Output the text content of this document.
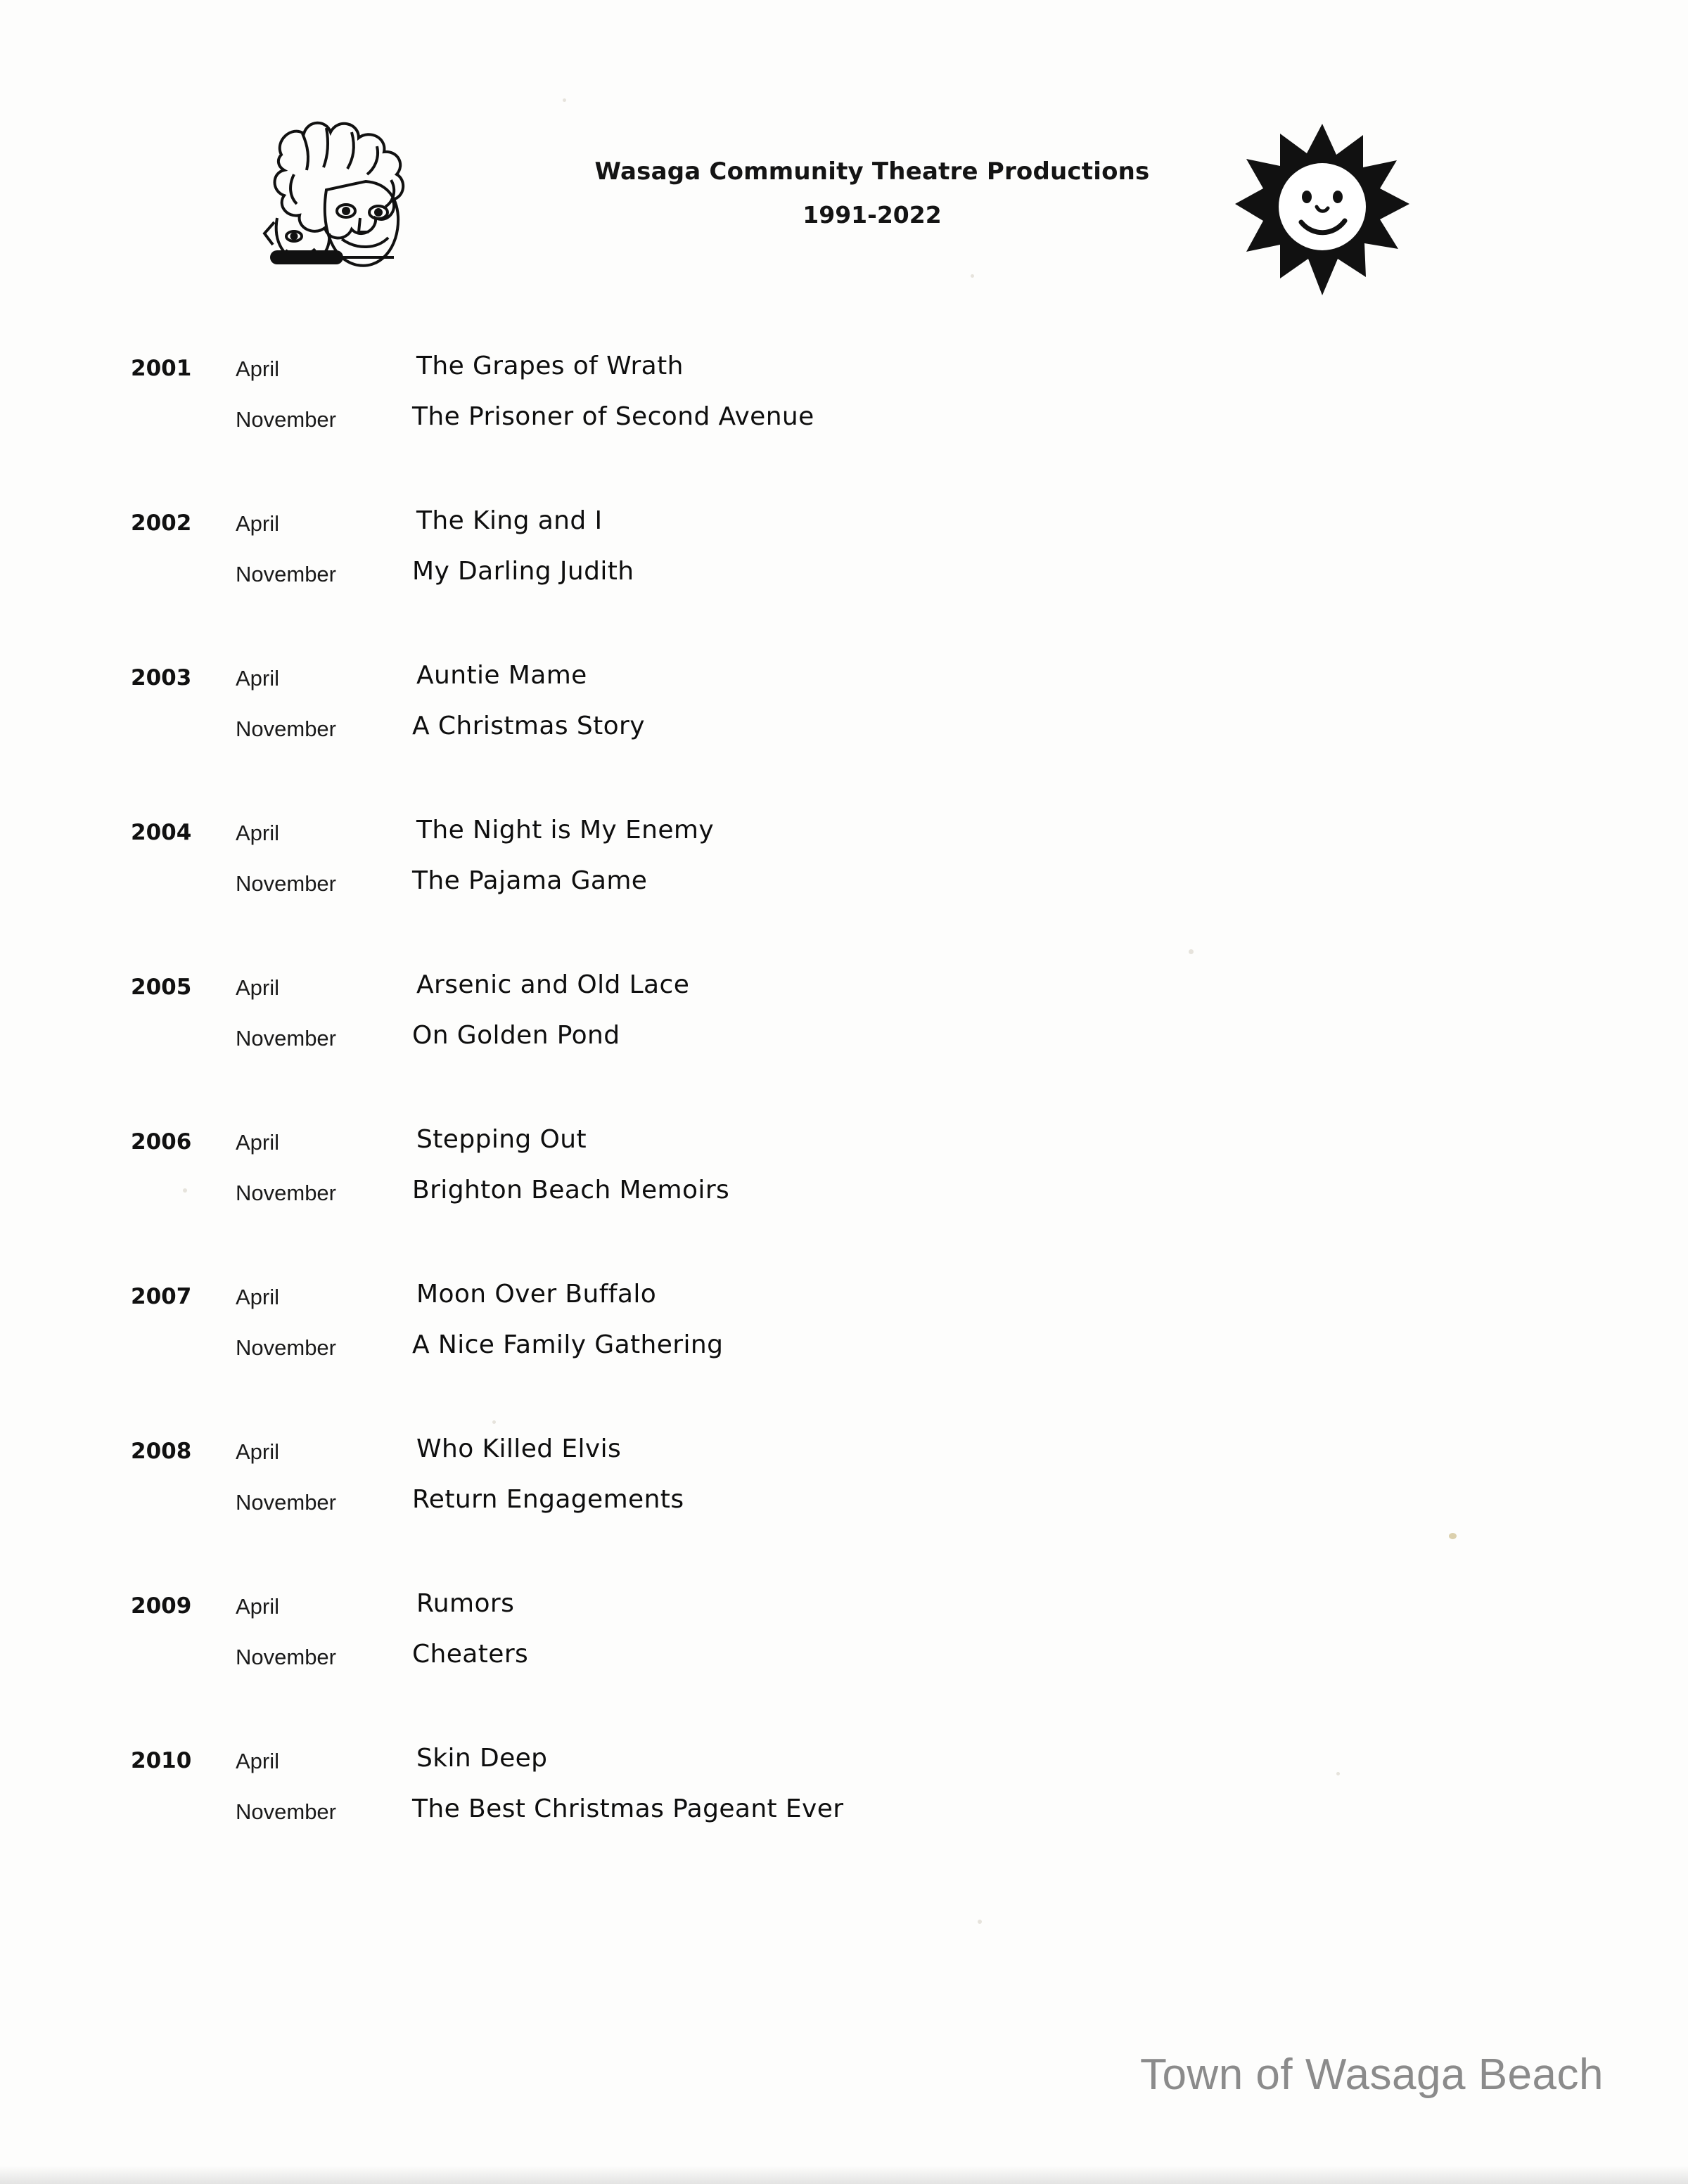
Wasaga Community Theatre Productions
1991-2022
2001	April	The Grapes of Wrath
November	The Prisoner of Second Avenue
2002	April	The King and I
November	My Darling Judith
2003	April	Auntie Mame
November	A Christmas Story
2004	April	The Night is My Enemy
November	The Pajama Game
2005	April	Arsenic and Old Lace
November	On Golden Pond
2006	April	Stepping Out
November	Brighton Beach Memoirs
2007	April	Moon Over Buffalo
November	A Nice Family Gathering
2008	April	Who Killed Elvis
November	Return Engagements
2009	April	Rumors
November	Cheaters
2010	April	Skin Deep
November	The Best Christmas Pageant Ever
Town of Wasaga Beach
